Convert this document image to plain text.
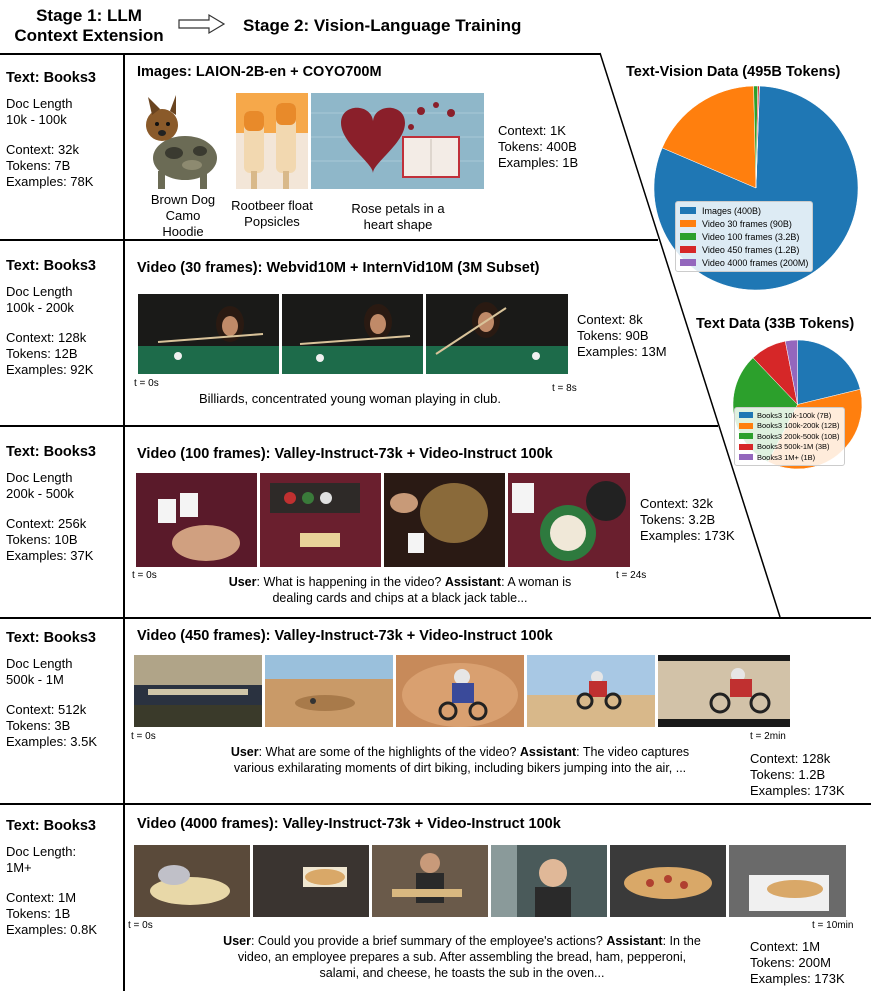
Stage 1: LLM
Context Extension
Stage 2: Vision-Language Training
Text: Books3
Doc Length
10k - 100k
Context: 32k
Tokens: 7B
Examples: 78K
Text: Books3
Doc Length
100k - 200k
Context: 128k
Tokens: 12B
Examples: 92K
Text: Books3
Doc Length
200k - 500k
Context: 256k
Tokens: 10B
Examples: 37K
Text: Books3
Doc Length
500k - 1M
Context: 512k
Tokens: 3B
Examples: 3.5K
Text: Books3
Doc Length:
1M+
Context: 1M
Tokens: 1B
Examples: 0.8K
Images: LAION-2B-en + COYO700M
Brown Dog
Camo
Hoodie
Rootbeer float
Popsicles
Rose petals in a
heart shape
Context: 1K
Tokens: 400B
Examples: 1B
Video (30 frames): Webvid10M + InternVid10M (3M Subset)
t = 0s	t = 8s
Billiards, concentrated young woman playing in club.
Context: 8k
Tokens: 90B
Examples: 13M
Video (100 frames): Valley-Instruct-73k + Video-Instruct 100k
t = 0s	t = 24s
User: What is happening in the video? Assistant: A woman is
dealing cards and chips at a black jack table...
Context: 32k
Tokens: 3.2B
Examples: 173K
Video (450 frames): Valley-Instruct-73k + Video-Instruct 100k
t = 0s	t = 2min
User: What are some of the highlights of the video? Assistant: The video captures
various exhilarating moments of dirt biking, including bikers jumping into the air, ...
Context: 128k
Tokens: 1.2B
Examples: 173K
Video (4000 frames): Valley-Instruct-73k + Video-Instruct 100k
t = 0s	t = 10min
User: Could you provide a brief summary of the employee's actions? Assistant: In the
video, an employee prepares a sub. After assembling the bread, ham, pepperoni,
salami, and cheese, he toasts the sub in the oven...
Context: 1M
Tokens: 200M
Examples: 173K
Text-Vision Data (495B Tokens)
Images (400B)
Video 30 frames (90B)
Video 100 frames (3.2B)
Video 450 frames (1.2B)
Video 4000 frames (200M)
Text Data (33B Tokens)
Books3 10k-100k (7B)
Books3 100k-200k (12B)
Books3 200k-500k (10B)
Books3 500k-1M (3B)
Books3 1M+ (1B)
